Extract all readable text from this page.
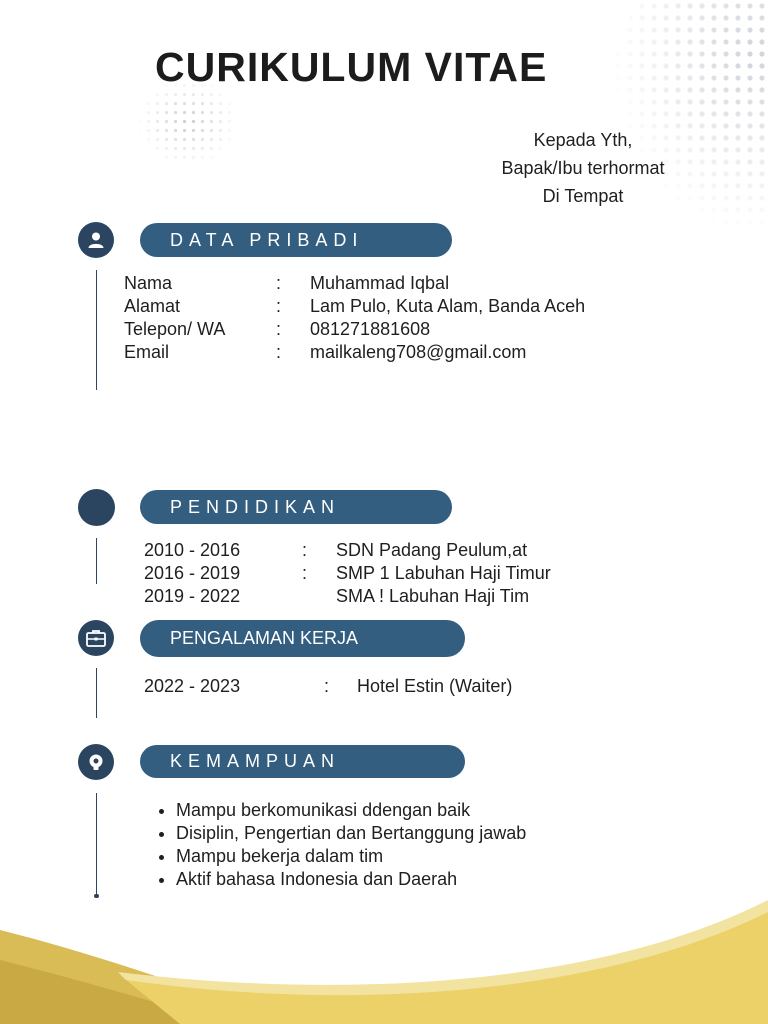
CURIKULUM VITAE
Kepada Yth,
Bapak/Ibu terhormat
Di Tempat
DATA PRIBADI
Nama	: Muhammad Iqbal
Alamat	: Lam Pulo, Kuta Alam, Banda Aceh
Telepon/ WA	: 081271881608
Email	: mailkaleng708@gmail.com
PENDIDIKAN
2010 - 2016	: SDN Padang Peulum,at
2016 - 2019	: SMP 1 Labuhan Haji Timur
2019 - 2022	SMA ! Labuhan Haji Tim
PENGALAMAN KERJA
2022 - 2023	: Hotel Estin (Waiter)
KEMAMPUAN
• Mampu berkomunikasi ddengan baik
• Disiplin, Pengertian dan Bertanggung jawab
• Mampu bekerja dalam tim
• Aktif bahasa Indonesia dan Daerah
